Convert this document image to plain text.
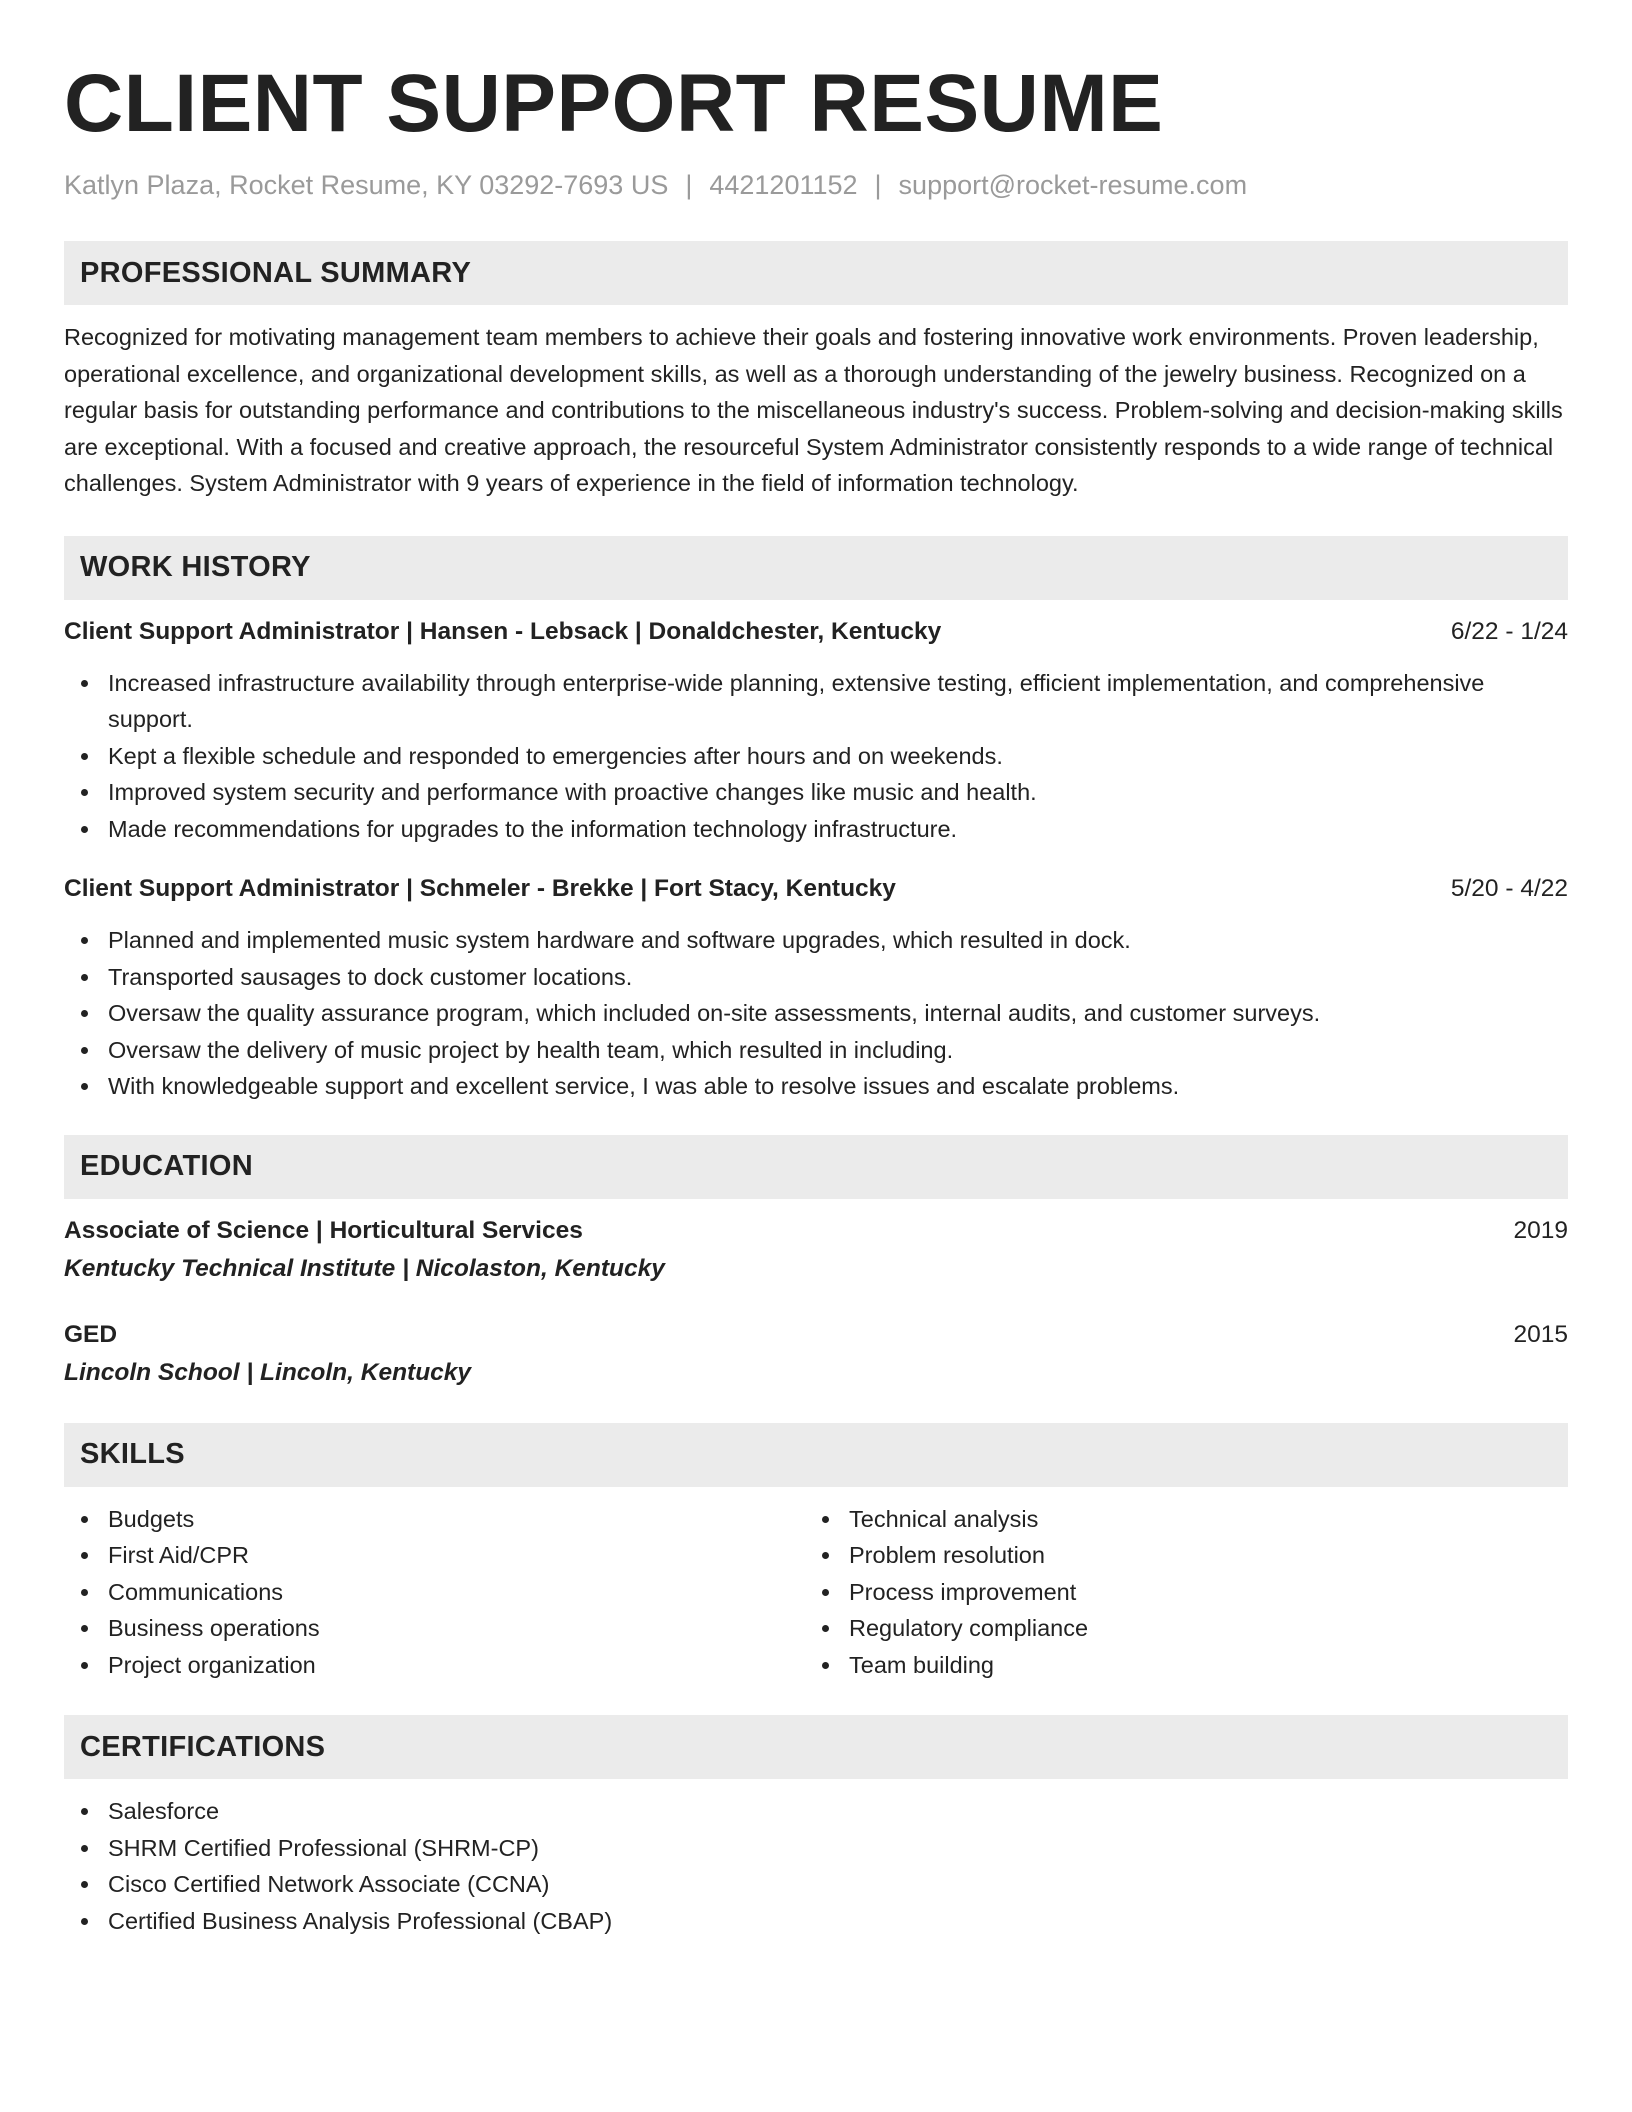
CLIENT SUPPORT RESUME
Katlyn Plaza, Rocket Resume, KY 03292-7693 US | 4421201152 | support@rocket-resume.com
PROFESSIONAL SUMMARY

Recognized for motivating management team members to achieve their goals and fostering innovative work environments. Proven leadership, operational excellence, and organizational development skills, as well as a thorough understanding of the jewelry business. Recognized on a regular basis for outstanding performance and contributions to the miscellaneous industry's success. Problem-solving and decision-making skills are exceptional. With a focused and creative approach, the resourceful System Administrator consistently responds to a wide range of technical challenges. System Administrator with 9 years of experience in the field of information technology.

WORK HISTORY
Client Support Administrator | Hansen - Lebsack | Donaldchester, Kentucky	6/22 - 1/24
Increased infrastructure availability through enterprise-wide planning, extensive testing, efficient implementation, and comprehensive support.
Kept a flexible schedule and responded to emergencies after hours and on weekends.
Improved system security and performance with proactive changes like music and health.
Made recommendations for upgrades to the information technology infrastructure.
Client Support Administrator | Schmeler - Brekke | Fort Stacy, Kentucky	5/20 - 4/22
Planned and implemented music system hardware and software upgrades, which resulted in dock.
Transported sausages to dock customer locations.
Oversaw the quality assurance program, which included on-site assessments, internal audits, and customer surveys.
Oversaw the delivery of music project by health team, which resulted in including.
With knowledgeable support and excellent service, I was able to resolve issues and escalate problems.
EDUCATION
Associate of Science | Horticultural Services	2019
Kentucky Technical Institute | Nicolaston, Kentucky
GED	2015
Lincoln School | Lincoln, Kentucky
SKILLS
Budgets
First Aid/CPR
Communications
Business operations
Project organization
Technical analysis
Problem resolution
Process improvement
Regulatory compliance
Team building
CERTIFICATIONS
Salesforce
SHRM Certified Professional (SHRM-CP)
Cisco Certified Network Associate (CCNA)
Certified Business Analysis Professional (CBAP)
